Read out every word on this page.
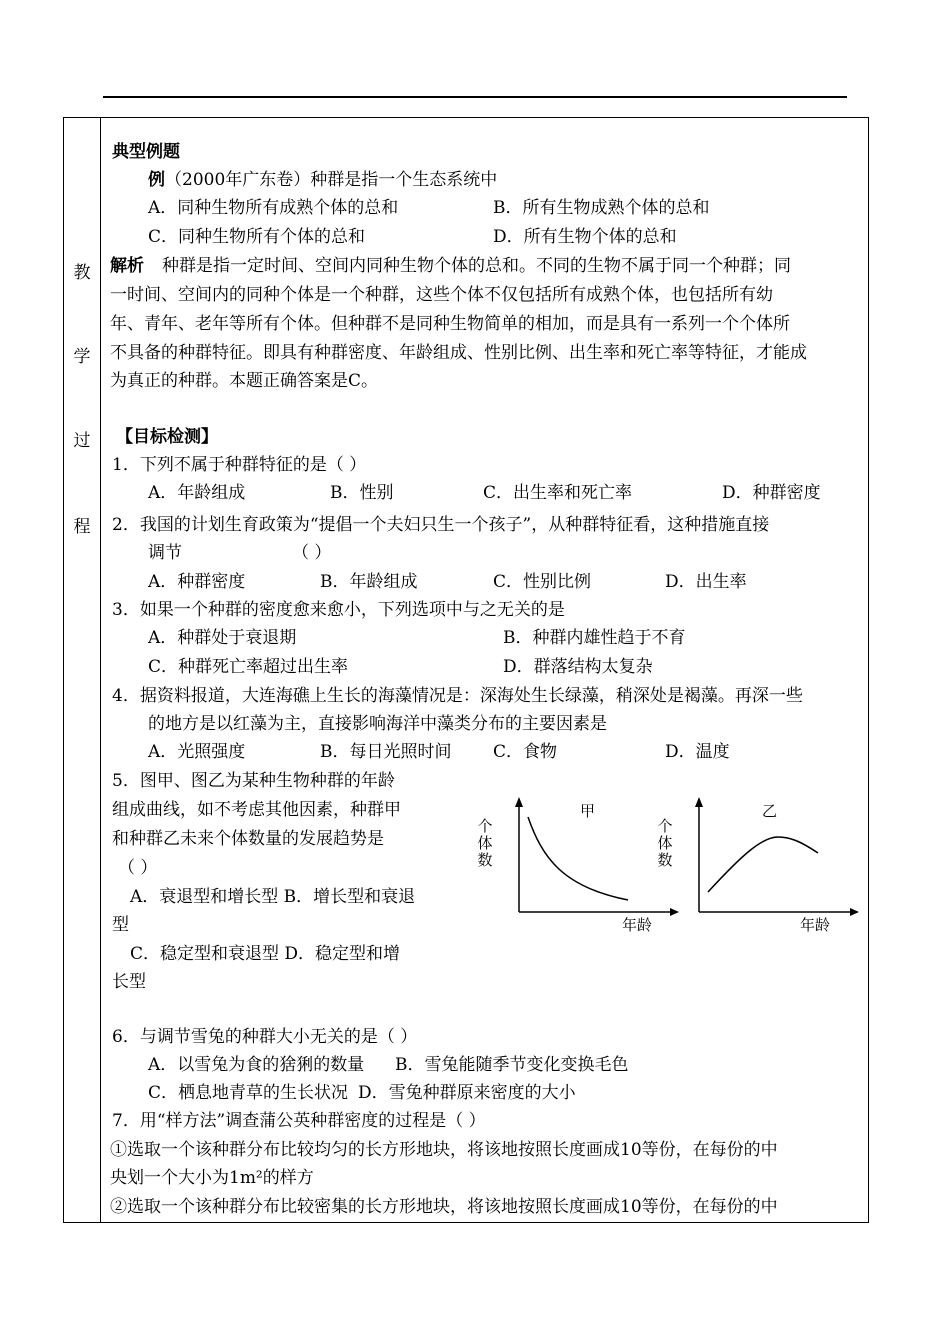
教
学
过
程
典型例题
例（2000年广东卷）种群是指一个生态系统中
A．同种生物所有成熟个体的总和	B．所有生物成熟个体的总和
C．同种生物所有个体的总和	D．所有生物个体的总和
解析 种群是指一定时间、空间内同种生物个体的总和。不同的生物不属于同一个种群；同
一时间、空间内的同种个体是一个种群，这些个体不仅包括所有成熟个体，也包括所有幼
年、青年、老年等所有个体。但种群不是同种生物简单的相加，而是具有一系列一个个体所
不具备的种群特征。即具有种群密度、年龄组成、性别比例、出生率和死亡率等特征，才能成
为真正的种群。本题正确答案是C。
【目标检测】
1．下列不属于种群特征的是（ ）
A．年龄组成	B．性别	C．出生率和死亡率	D．种群密度
2．我国的计划生育政策为“提倡一个夫妇只生一个孩子”，从种群特征看，这种措施直接
调节	（ ）
A．种群密度	B．年龄组成	C．性别比例	D．出生率
3．如果一个种群的密度愈来愈小，下列选项中与之无关的是
A．种群处于衰退期	B．种群内雄性趋于不育
C．种群死亡率超过出生率	D．群落结构太复杂
4．据资料报道，大连海礁上生长的海藻情况是：深海处生长绿藻，稍深处是褐藻。再深一些
的地方是以红藻为主，直接影响海洋中藻类分布的主要因素是
A．光照强度	B．每日光照时间 C．食物	D．温度
5．图甲、图乙为某种生物种群的年龄
组成曲线，如不考虑其他因素，种群甲
和种群乙未来个体数量的发展趋势是
（ ）
A．衰退型和增长型 B．增长型和衰退
型
C．稳定型和衰退型 D．稳定型和增
长型
甲
个体数
年龄
乙
个体数
年龄
6．与调节雪兔的种群大小无关的是（ ）
A．以雪兔为食的猞猁的数量 B．雪兔能随季节变化变换毛色
C．栖息地青草的生长状况 D．雪兔种群原来密度的大小
7．用“样方法”调查蒲公英种群密度的过程是（ ）
①选取一个该种群分布比较均匀的长方形地块，将该地按照长度画成10等份，在每份的中
央划一个大小为1m²的样方
②选取一个该种群分布比较密集的长方形地块，将该地按照长度画成10等份，在每份的中
